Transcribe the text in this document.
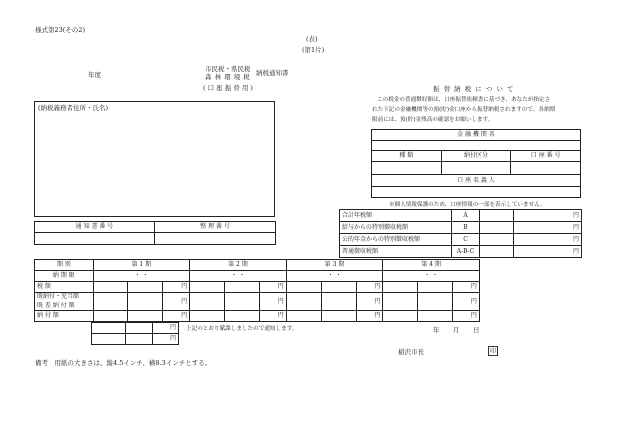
様式第23(その2)
(表)
(第1片)
年度
市民税・県民税
森 林 環 境 税 納税通知書
( 口 座 振 替 用 )
(納税義務者住所・氏名)
通 知 書 番 号	整 理 番 号

振 替 納 税 に つ い て
この税金の普通徴収額は、口座振替依頼書に基づき、あなたが指定さ
れた下記の金融機関等の預(貯)金口座から振替納税されますので、各納期
限前には、預(貯)金残高の確認をお願いします。
金 融 機 関 名		

種 類	納付区分	口 座 番 号

口 座 名 義 人		

※個人情報保護のため、口座情報の一部を表示していません。
合計年税額	A		円
給与からの特別徴収税額	B		円
公的年金からの特別徴収税額	C		円
普通徴収税額	A-B-C		円
期 別	第 1 期			第 2 期			第 3 期			第 4 期			
納 期 限	・ ・			・ ・			・ ・			・ ・			
税 額			円			円			円			円	
既納付・充当額			円			円			円			円	
既 差 納 付 額													
納 付 額			円			円			円			円	
		円
		円
上記のとおり賦課しましたので通知します。	年 月 日
稲沢市長	印
備考　用紙の大きさは、縦4.5インチ、横8.3インチとする。
